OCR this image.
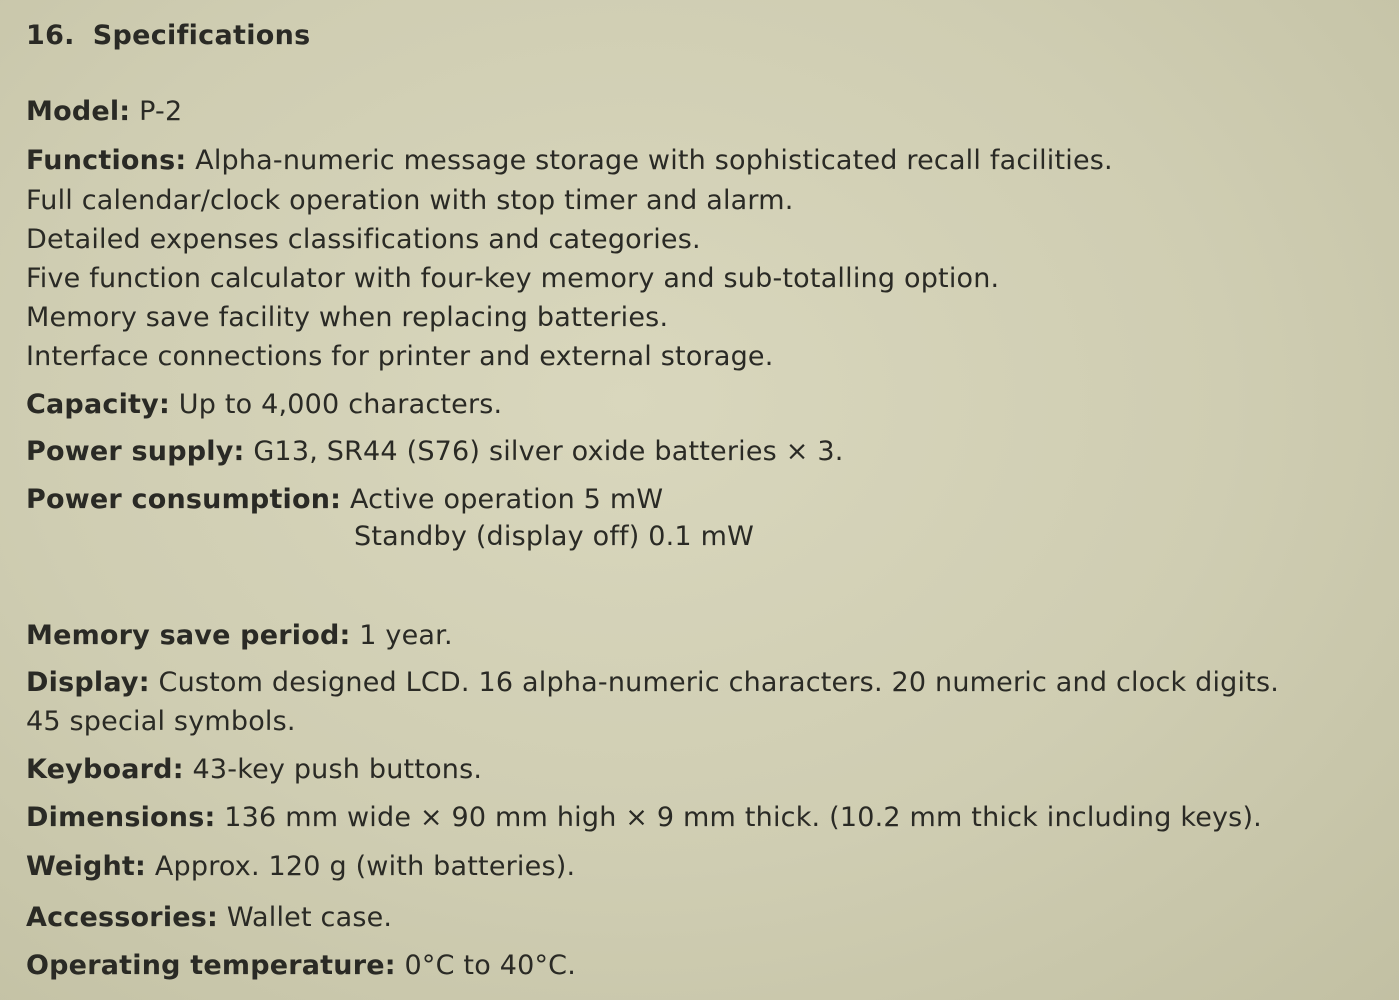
16. Specifications
Model: P-2
Functions: Alpha-numeric message storage with sophisticated recall facilities.
Full calendar/clock operation with stop timer and alarm.
Detailed expenses classifications and categories.
Five function calculator with four-key memory and sub-totalling option.
Memory save facility when replacing batteries.
Interface connections for printer and external storage.
Capacity: Up to 4,000 characters.
Power supply: G13, SR44 (S76) silver oxide batteries × 3.
Power consumption: Active operation 5 mW
Standby (display off) 0.1 mW
Memory save period: 1 year.
Display: Custom designed LCD. 16 alpha-numeric characters. 20 numeric and clock digits.
45 special symbols.
Keyboard: 43-key push buttons.
Dimensions: 136 mm wide × 90 mm high × 9 mm thick. (10.2 mm thick including keys).
Weight: Approx. 120 g (with batteries).
Accessories: Wallet case.
Operating temperature: 0°C to 40°C.
